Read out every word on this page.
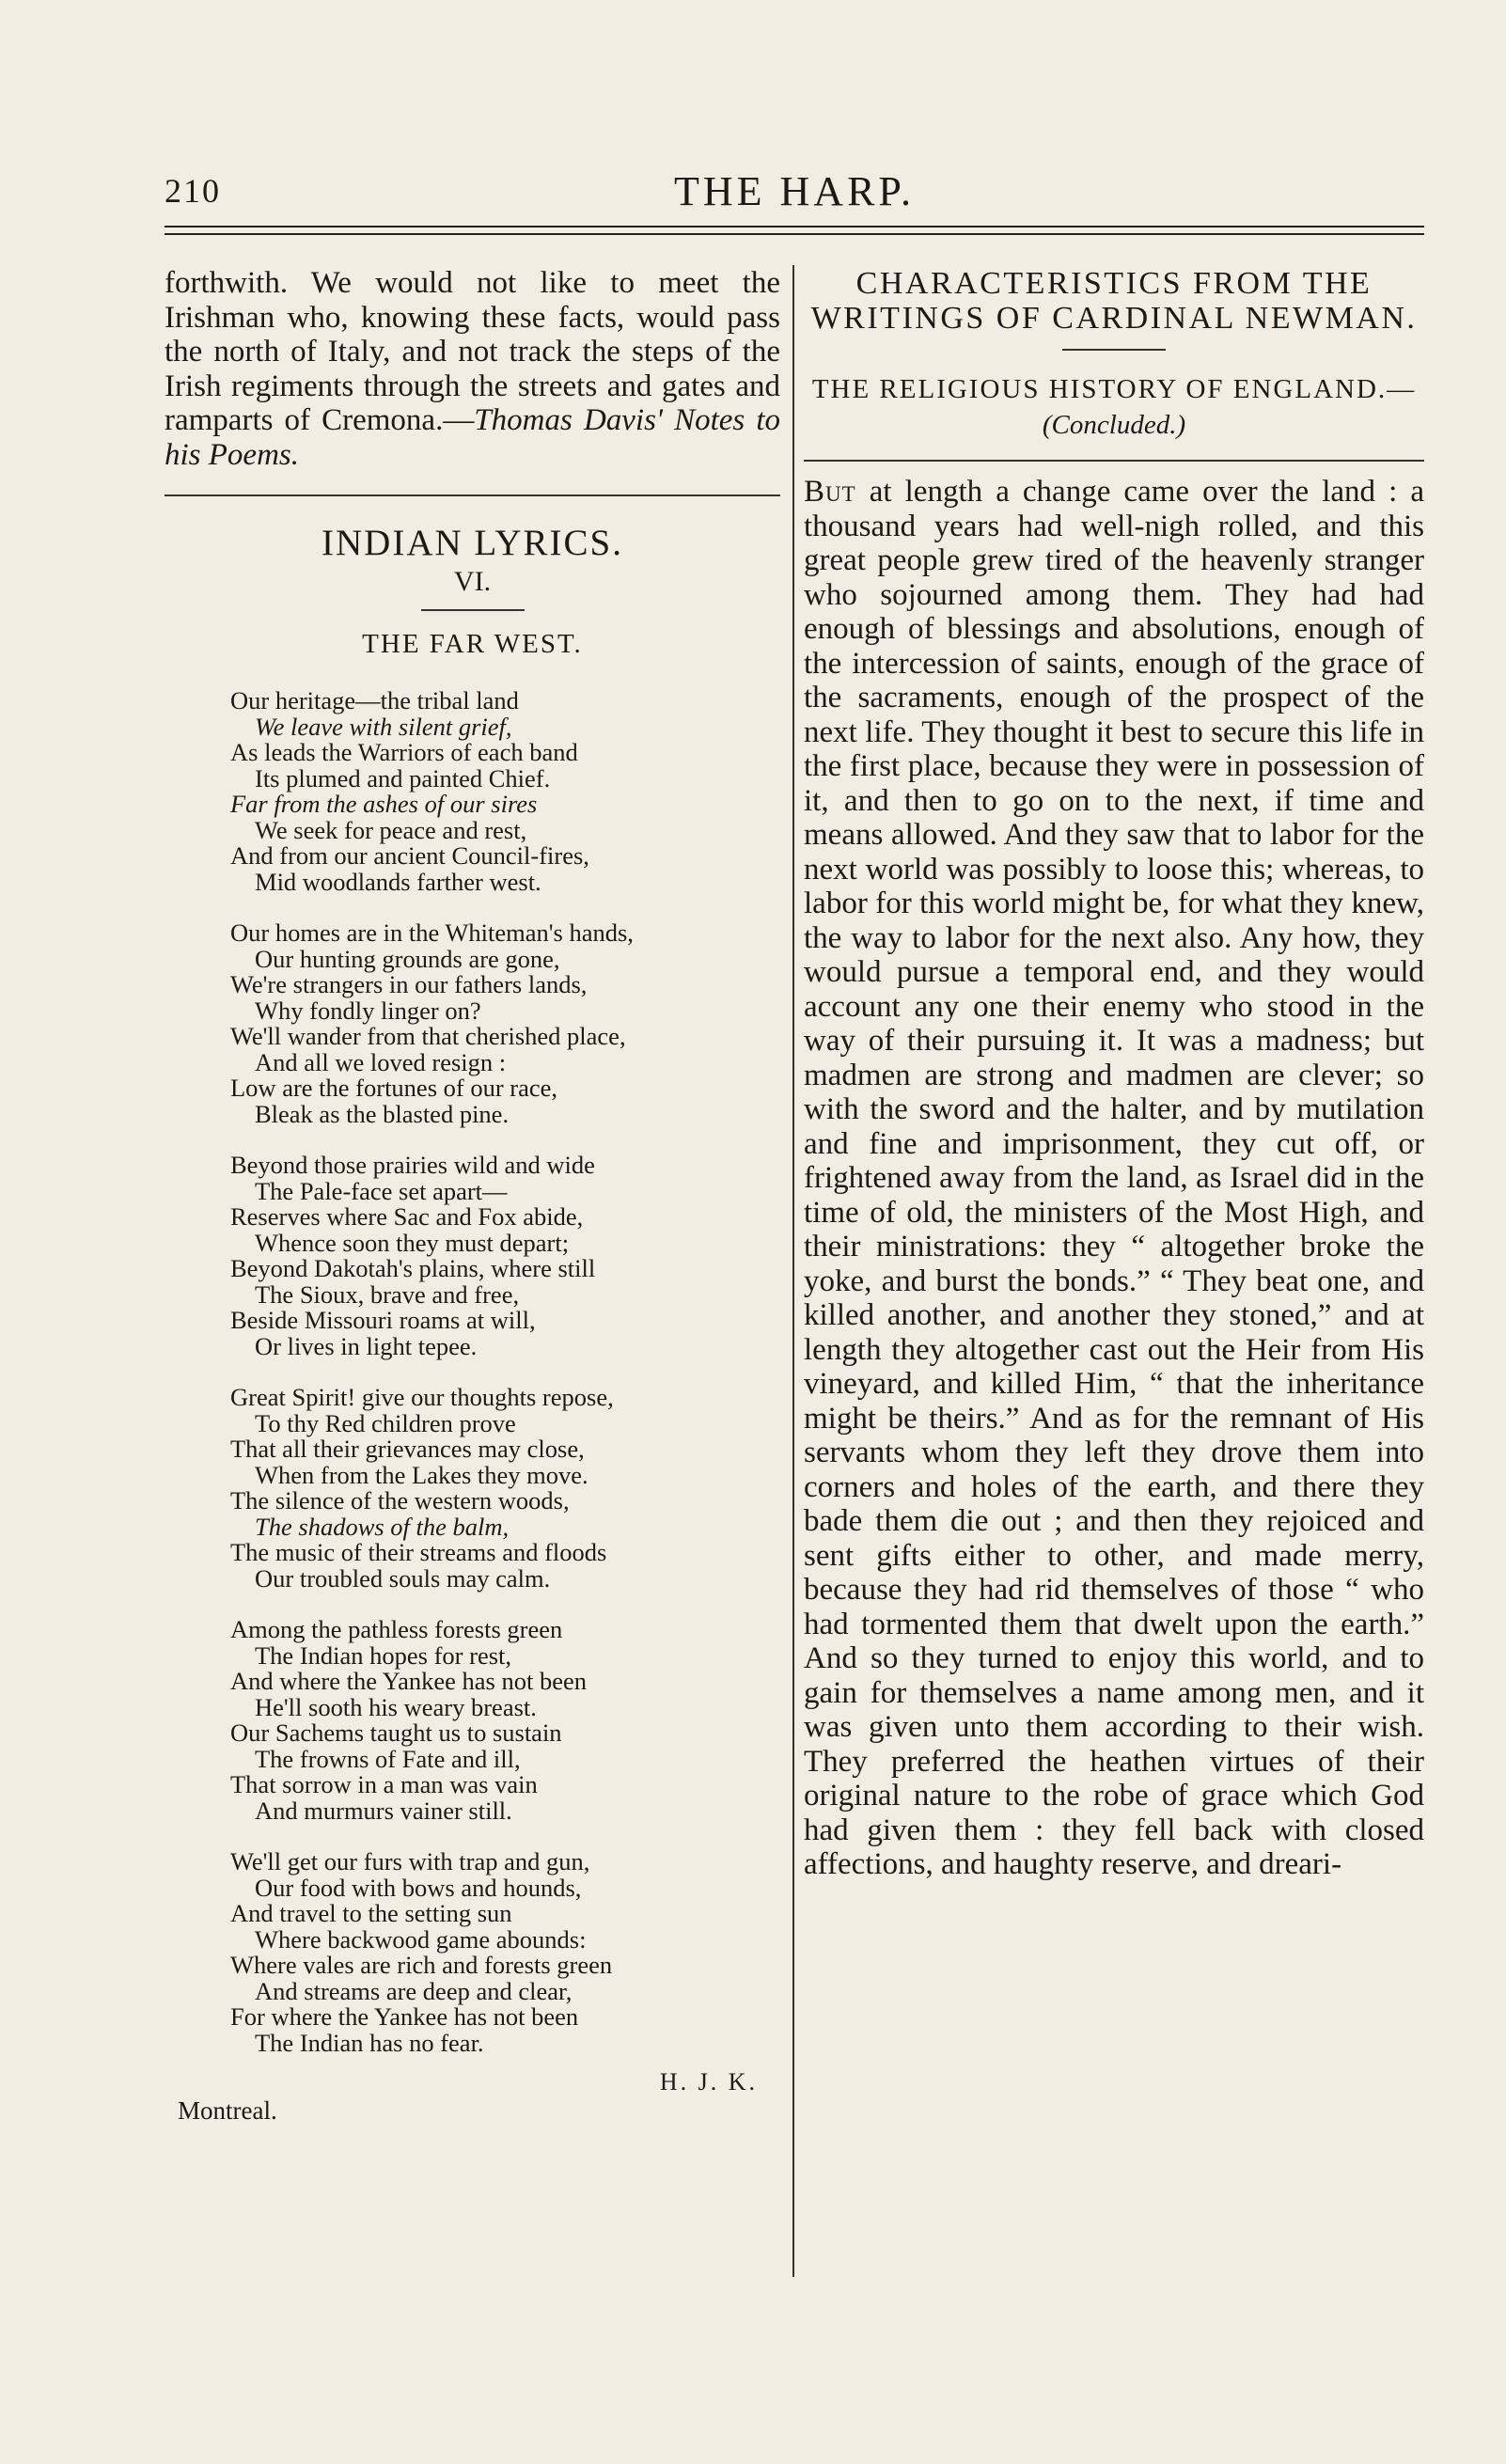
210	THE HARP.

forthwith. We would not like to meet the Irishman who, knowing these facts, would pass the north of Italy, and not track the steps of the Irish regiments through the streets and gates and ramparts of Cremona.—Thomas Davis' Notes to his Poems.

INDIAN LYRICS.
VI.
THE FAR WEST.
Our heritage—the tribal land
We leave with silent grief,
As leads the Warriors of each band
Its plumed and painted Chief.
Far from the ashes of our sires
We seek for peace and rest,
And from our ancient Council-fires,
Mid woodlands farther west.
Our homes are in the Whiteman's hands,
Our hunting grounds are gone,
We're strangers in our fathers lands,
Why fondly linger on?
We'll wander from that cherished place,
And all we loved resign :
Low are the fortunes of our race,
Bleak as the blasted pine.
Beyond those prairies wild and wide
The Pale-face set apart—
Reserves where Sac and Fox abide,
Whence soon they must depart;
Beyond Dakotah's plains, where still
The Sioux, brave and free,
Beside Missouri roams at will,
Or lives in light tepee.
Great Spirit! give our thoughts repose,
To thy Red children prove
That all their grievances may close,
When from the Lakes they move.
The silence of the western woods,
The shadows of the balm,
The music of their streams and floods
Our troubled souls may calm.
Among the pathless forests green
The Indian hopes for rest,
And where the Yankee has not been
He'll sooth his weary breast.
Our Sachems taught us to sustain
The frowns of Fate and ill,
That sorrow in a man was vain
And murmurs vainer still.
We'll get our furs with trap and gun,
Our food with bows and hounds,
And travel to the setting sun
Where backwood game abounds:
Where vales are rich and forests green
And streams are deep and clear,
For where the Yankee has not been
The Indian has no fear.
H. J. K.
Montreal.
CHARACTERISTICS FROM THE WRITINGS OF CARDINAL NEWMAN.
THE RELIGIOUS HISTORY OF ENGLAND.—(Concluded.)

But at length a change came over the land : a thousand years had well-nigh rolled, and this great people grew tired of the heavenly stranger who sojourned among them. They had had enough of blessings and absolutions, enough of the intercession of saints, enough of the grace of the sacraments, enough of the prospect of the next life. They thought it best to secure this life in the first place, because they were in possession of it, and then to go on to the next, if time and means allowed. And they saw that to labor for the next world was possibly to loose this; whereas, to labor for this world might be, for what they knew, the way to labor for the next also. Any how, they would pursue a temporal end, and they would account any one their enemy who stood in the way of their pursuing it. It was a madness; but madmen are strong and madmen are clever; so with the sword and the halter, and by mutilation and fine and imprisonment, they cut off, or frightened away from the land, as Israel did in the time of old, the ministers of the Most High, and their ministrations: they “ altogether broke the yoke, and burst the bonds.” “ They beat one, and killed another, and another they stoned,” and at length they altogether cast out the Heir from His vineyard, and killed Him, “ that the inheritance might be theirs.” And as for the remnant of His servants whom they left they drove them into corners and holes of the earth, and there they bade them die out ; and then they rejoiced and sent gifts either to other, and made merry, because they had rid themselves of those “ who had tormented them that dwelt upon the earth.” And so they turned to enjoy this world, and to gain for themselves a name among men, and it was given unto them according to their wish. They preferred the heathen virtues of their original nature to the robe of grace which God had given them : they fell back with closed affections, and haughty reserve, and dreari-
